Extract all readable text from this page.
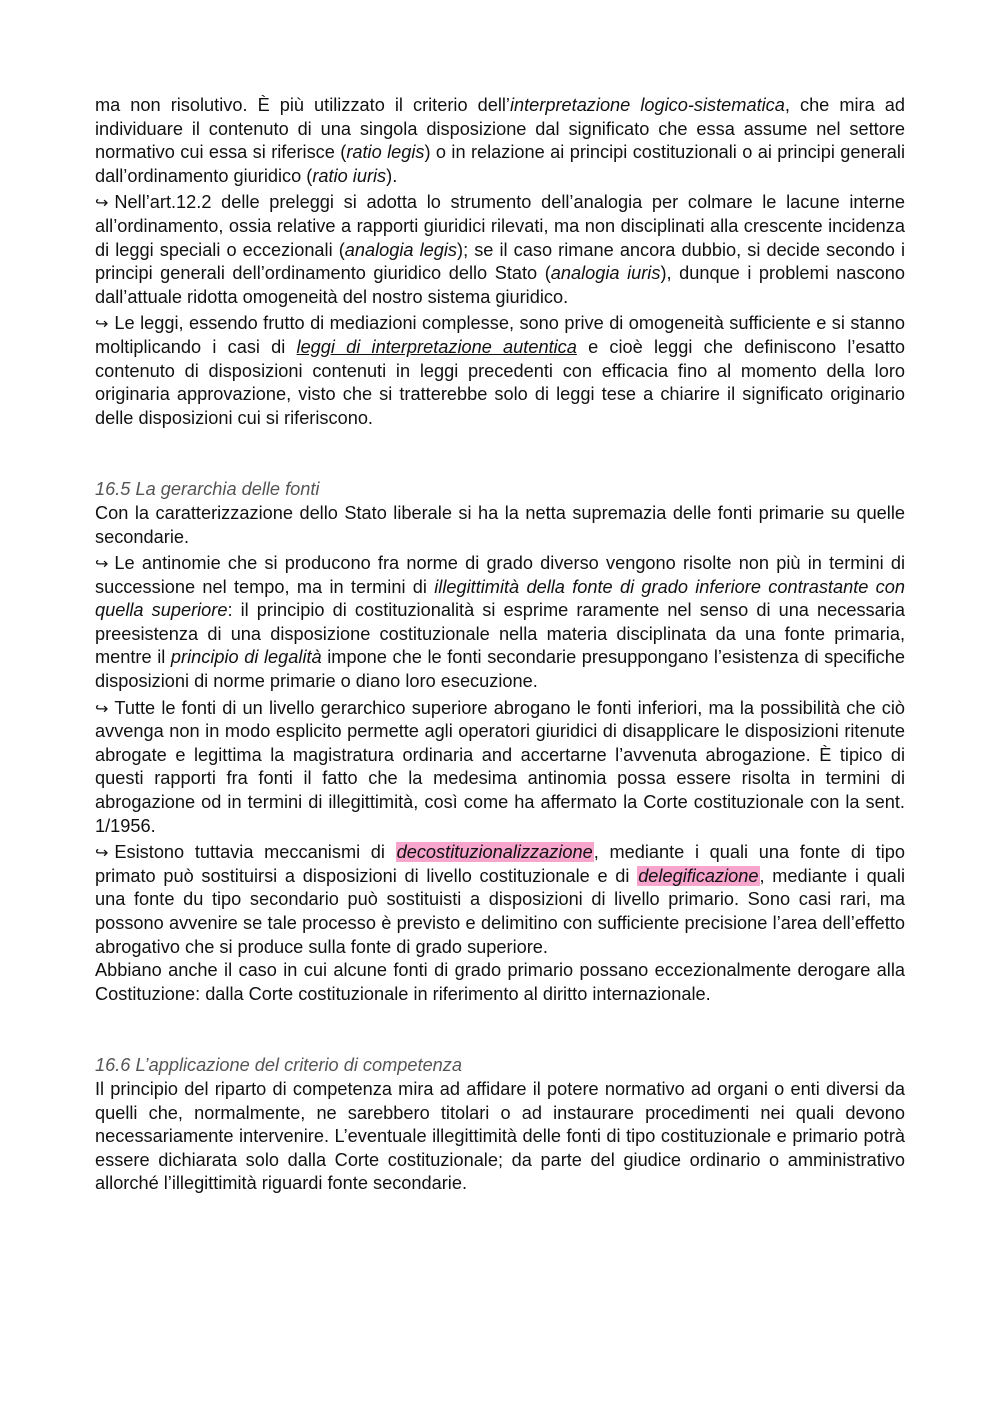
ma non risolutivo. È più utilizzato il criterio dell’interpretazione logico-sistematica, che mira ad individuare il contenuto di una singola disposizione dal significato che essa assume nel settore normativo cui essa si riferisce (ratio legis) o in relazione ai principi costituzionali o ai principi generali dall’ordinamento giuridico (ratio iuris).

↪ Nell’art.12.2 delle preleggi si adotta lo strumento dell’analogia per colmare le lacune interne all’ordinamento, ossia relative a rapporti giuridici rilevati, ma non disciplinati alla crescente incidenza di leggi speciali o eccezionali (analogia legis); se il caso rimane ancora dubbio, si decide secondo i principi generali dell’ordinamento giuridico dello Stato (analogia iuris), dunque i problemi nascono dall’attuale ridotta omogeneità del nostro sistema giuridico.

↪ Le leggi, essendo frutto di mediazioni complesse, sono prive di omogeneità sufficiente e si stanno moltiplicando i casi di leggi di interpretazione autentica e cioè leggi che definiscono l’esatto contenuto di disposizioni contenuti in leggi precedenti con efficacia fino al momento della loro originaria approvazione, visto che si tratterebbe solo di leggi tese a chiarire il significato originario delle disposizioni cui si riferiscono.

16.5 La gerarchia delle fonti

Con la caratterizzazione dello Stato liberale si ha la netta supremazia delle fonti primarie su quelle secondarie.

↪ Le antinomie che si producono fra norme di grado diverso vengono risolte non più in termini di successione nel tempo, ma in termini di illegittimità della fonte di grado inferiore contrastante con quella superiore: il principio di costituzionalità si esprime raramente nel senso di una necessaria preesistenza di una disposizione costituzionale nella materia disciplinata da una fonte primaria, mentre il principio di legalità impone che le fonti secondarie presuppongano l’esistenza di specifiche disposizioni di norme primarie o diano loro esecuzione.

↪ Tutte le fonti di un livello gerarchico superiore abrogano le fonti inferiori, ma la possibilità che ciò avvenga non in modo esplicito permette agli operatori giuridici di disapplicare le disposizioni ritenute abrogate e legittima la magistratura ordinaria and accertarne l’avvenuta abrogazione. È tipico di questi rapporti fra fonti il fatto che la medesima antinomia possa essere risolta in termini di abrogazione od in termini di illegittimità, così come ha affermato la Corte costituzionale con la sent. 1/1956.

↪ Esistono tuttavia meccanismi di decostituzionalizzazione, mediante i quali una fonte di tipo primato può sostituirsi a disposizioni di livello costituzionale e di delegificazione, mediante i quali una fonte du tipo secondario può sostituisti a disposizioni di livello primario. Sono casi rari, ma possono avvenire se tale processo è previsto e delimitino con sufficiente precisione l’area dell’effetto abrogativo che si produce sulla fonte di grado superiore.

Abbiano anche il caso in cui alcune fonti di grado primario possano eccezionalmente derogare alla Costituzione: dalla Corte costituzionale in riferimento al diritto internazionale.

16.6 L’applicazione del criterio di competenza

Il principio del riparto di competenza mira ad affidare il potere normativo ad organi o enti diversi da quelli che, normalmente, ne sarebbero titolari o ad instaurare procedimenti nei quali devono necessariamente intervenire. L’eventuale illegittimità delle fonti di tipo costituzionale e primario potrà essere dichiarata solo dalla Corte costituzionale; da parte del giudice ordinario o amministrativo allorché l’illegittimità riguardi fonte secondarie.
